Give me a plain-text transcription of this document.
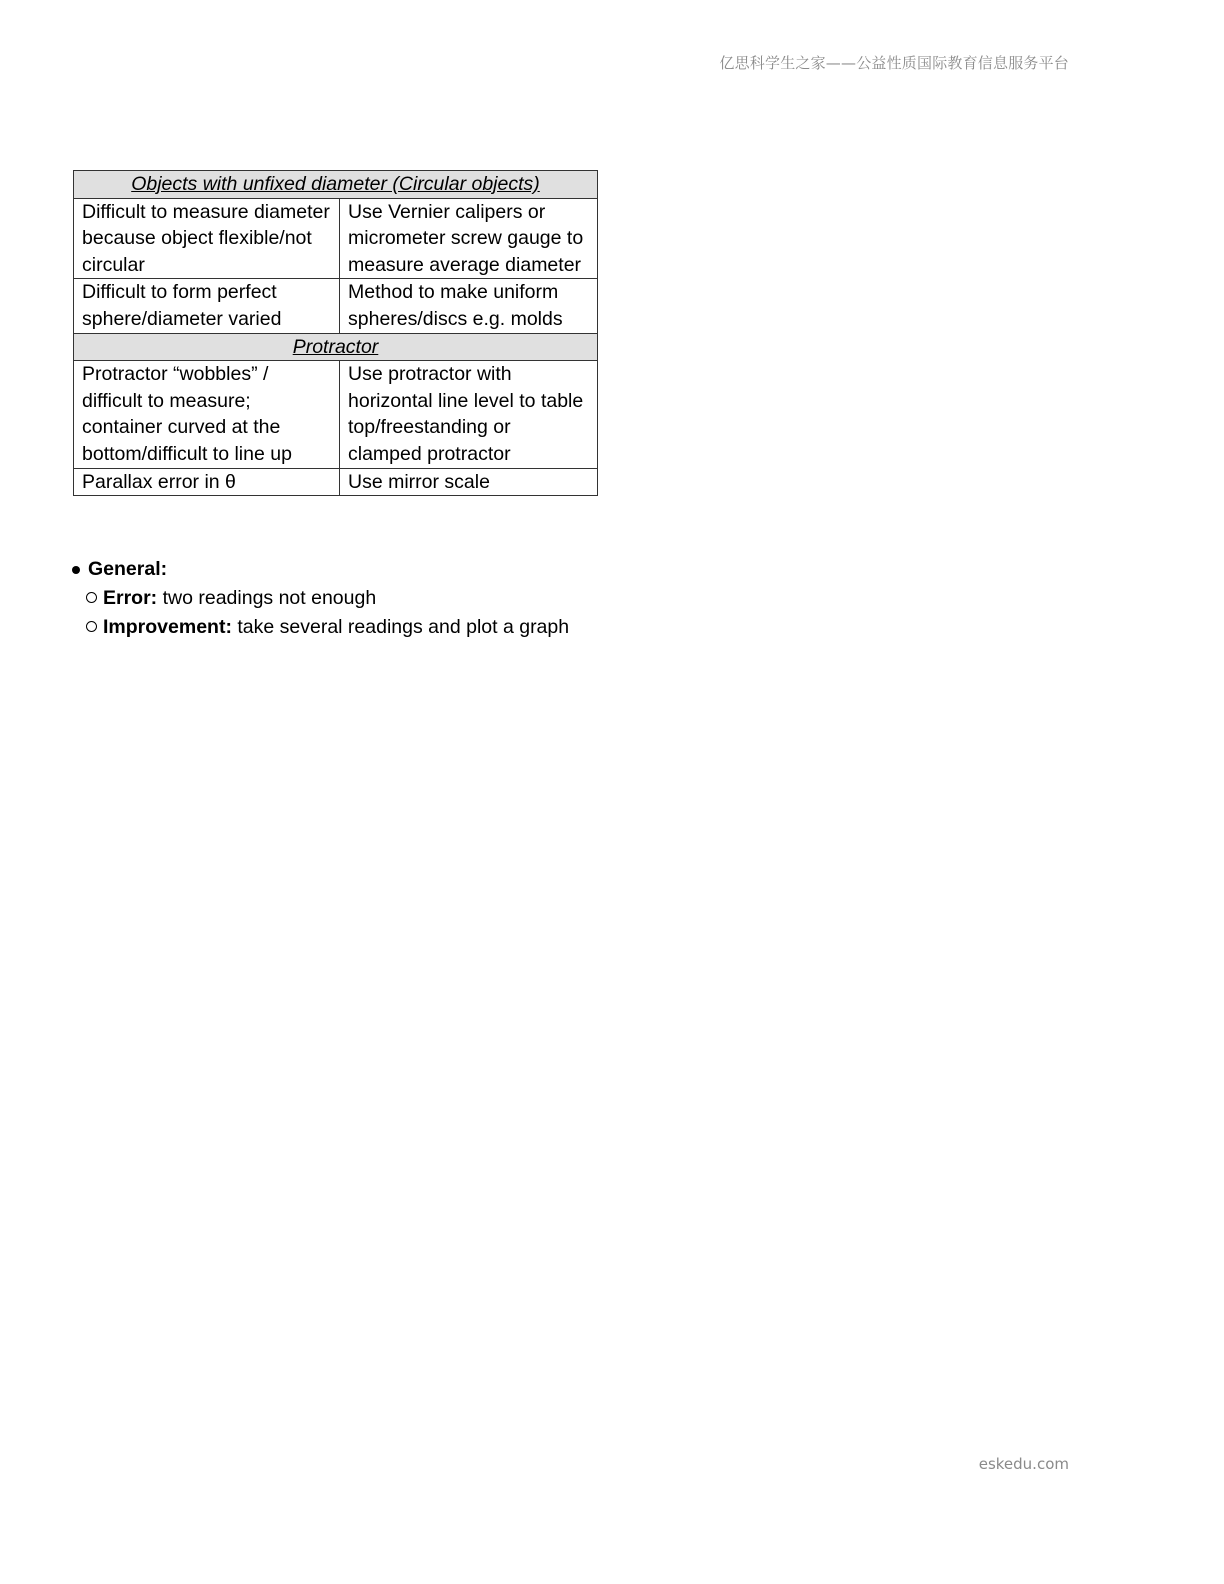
亿思科学生之家——公益性质国际教育信息服务平台
Objects with unfixed diameter (Circular objects)	
Difficult to measure diameter because object flexible/not circular	Use Vernier calipers or micrometer screw gauge to measure average diameter
Difficult to form perfect sphere/diameter varied	Method to make uniform spheres/discs e.g. molds
Protractor	
Protractor “wobbles” / difficult to measure; container curved at the bottom/difficult to line up	Use protractor with horizontal line level to table top/freestanding or clamped protractor
Parallax error in θ	Use mirror scale
General:
Error:
two readings not enough
Improvement:
take several readings and plot a graph
eskedu.com
